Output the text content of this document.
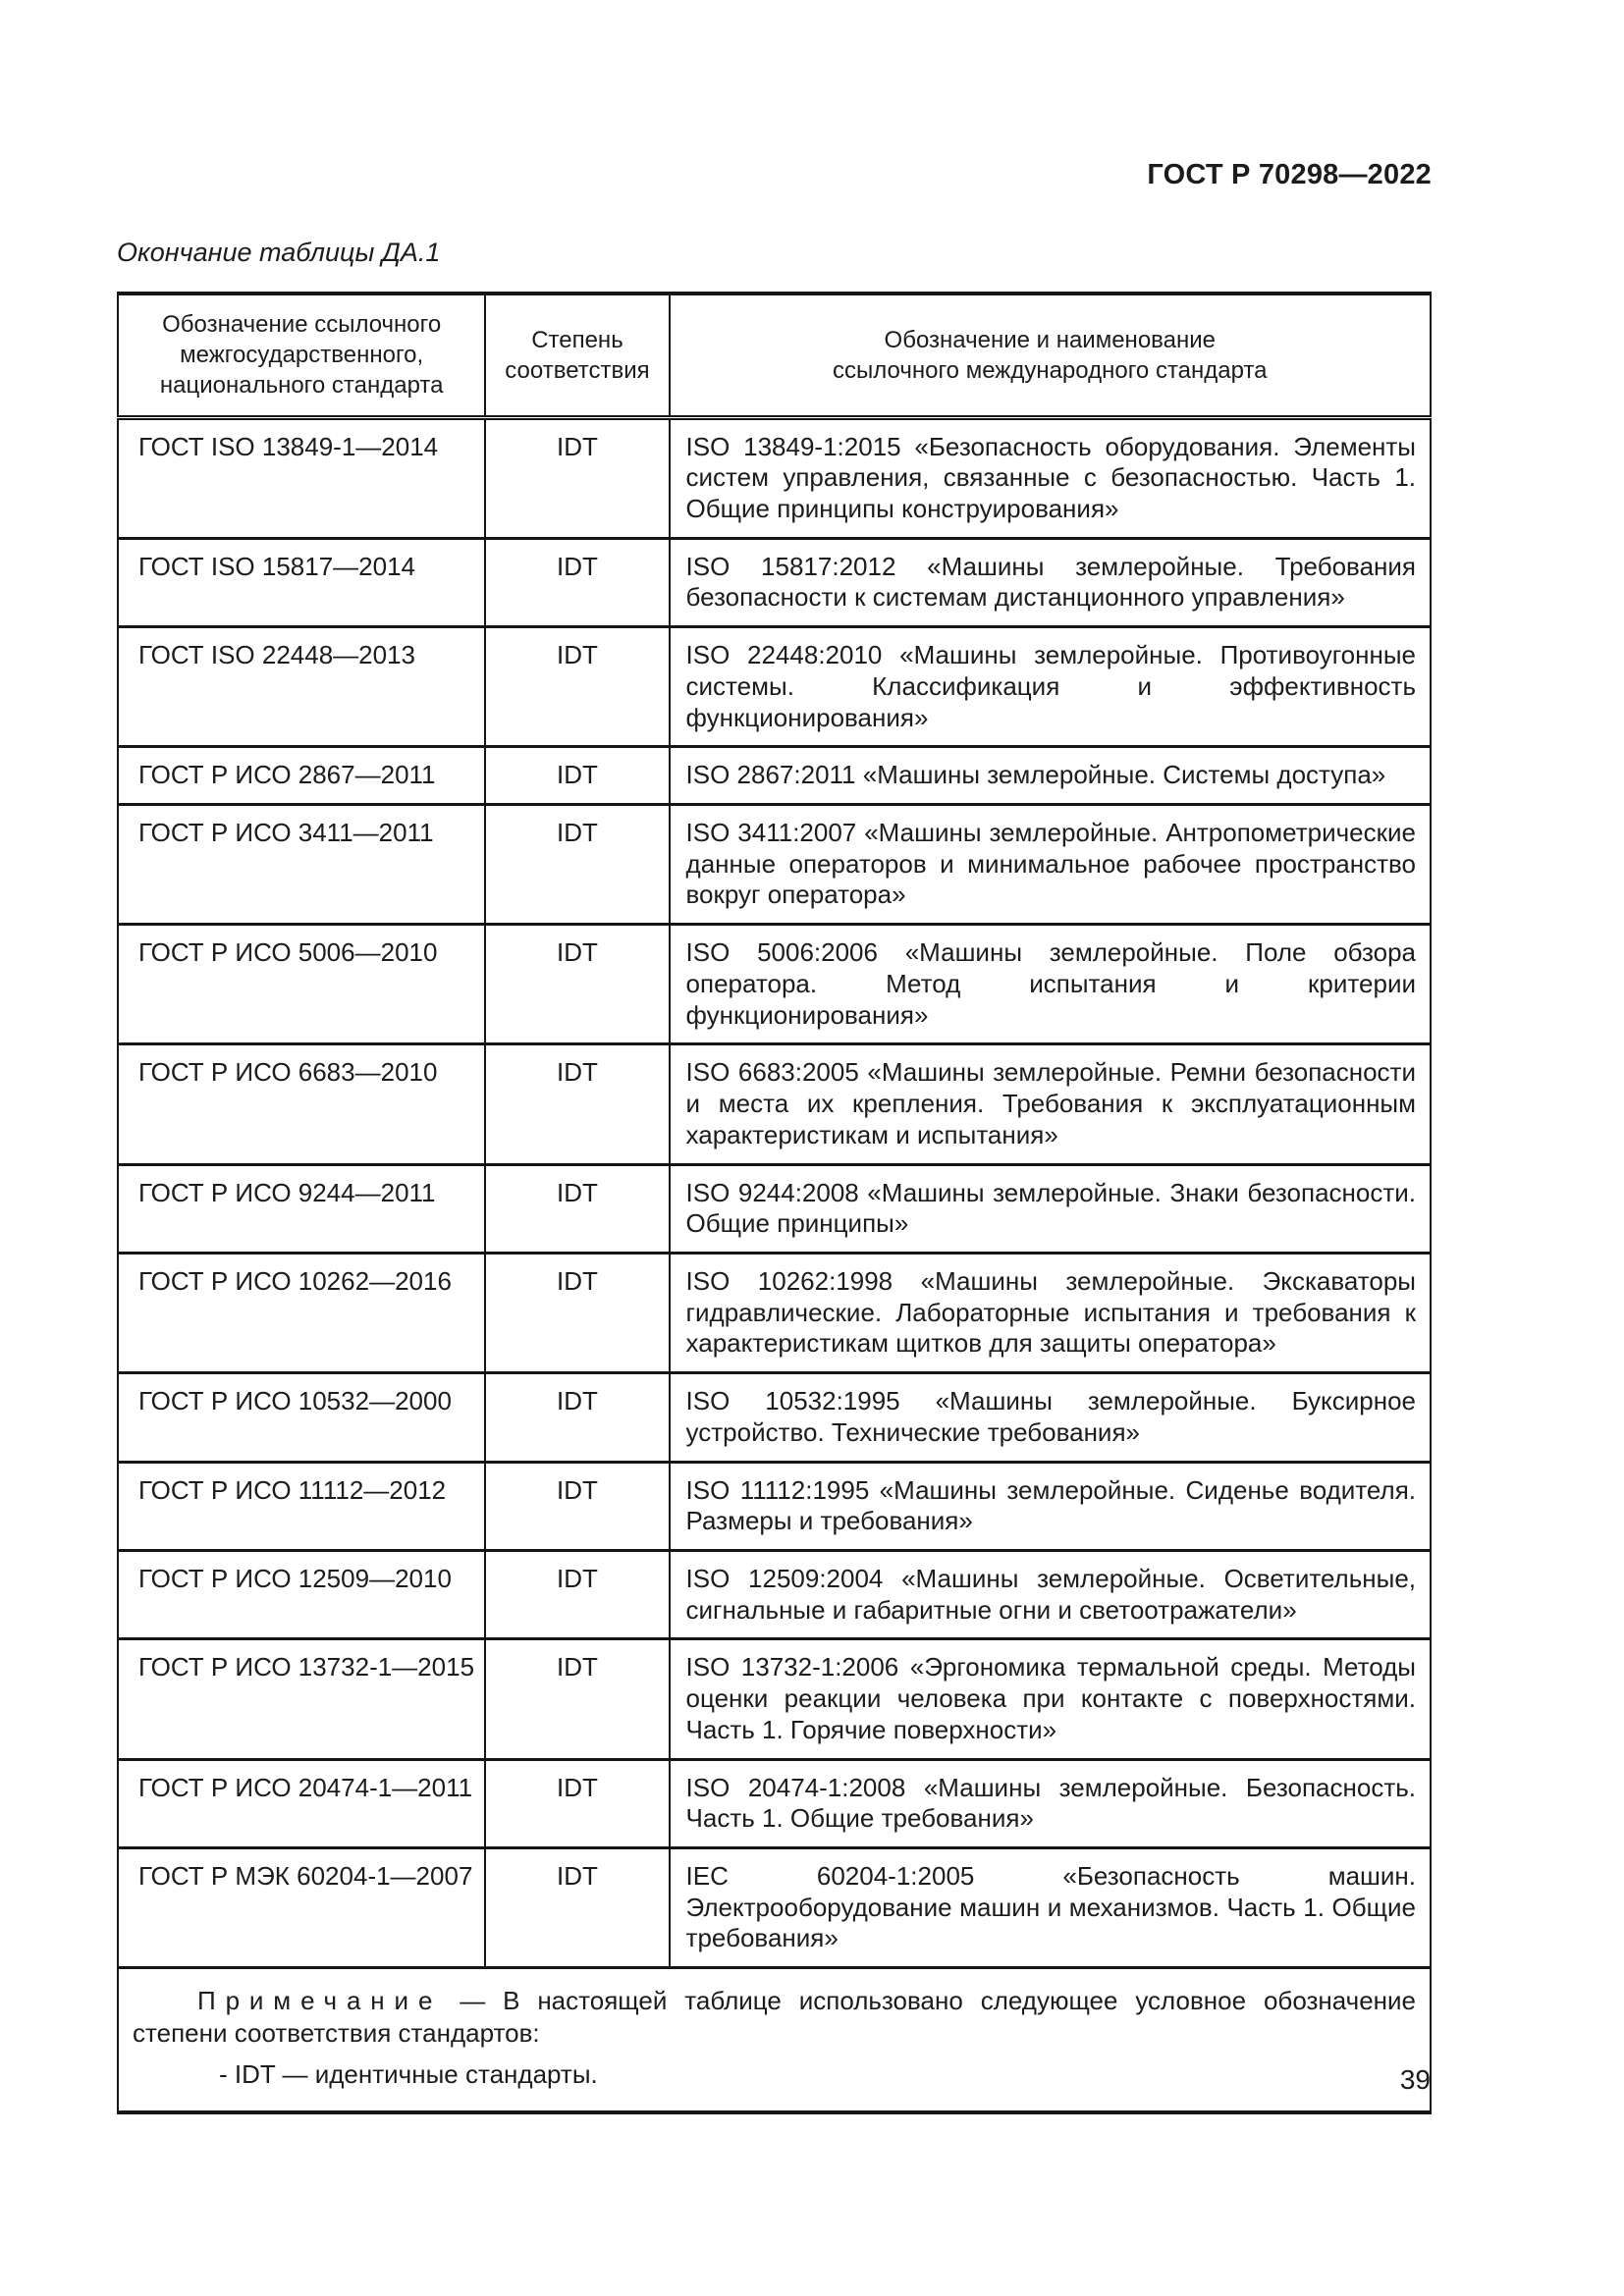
ГОСТ Р 70298—2022
Окончание таблицы ДА.1
Обозначение ссылочного межгосударственного, национального стандарта	Степень соответствия	Обозначение и наименование ссылочного международного стандарта
ГОСТ ISO 13849-1—2014	IDT	ISO 13849-1:2015 «Безопасность оборудования. Элементы систем управления, связанные с безопасностью. Часть 1. Общие принципы конструирования»
ГОСТ ISO 15817—2014	IDT	ISO 15817:2012 «Машины землеройные. Требования безопасности к системам дистанционного управления»
ГОСТ ISO 22448—2013	IDT	ISO 22448:2010 «Машины землеройные. Противоугонные системы. Классификация и эффективность функционирования»
ГОСТ Р ИСО 2867—2011	IDT	ISO 2867:2011 «Машины землеройные. Системы доступа»
ГОСТ Р ИСО 3411—2011	IDT	ISO 3411:2007 «Машины землеройные. Антропометрические данные операторов и минимальное рабочее пространство вокруг оператора»
ГОСТ Р ИСО 5006—2010	IDT	ISO 5006:2006 «Машины землеройные. Поле обзора оператора. Метод испытания и критерии функционирования»
ГОСТ Р ИСО 6683—2010	IDT	ISO 6683:2005 «Машины землеройные. Ремни безопасности и места их крепления. Требования к эксплуатационным характеристикам и испытания»
ГОСТ Р ИСО 9244—2011	IDT	ISO 9244:2008 «Машины землеройные. Знаки безопасности. Общие принципы»
ГОСТ Р ИСО 10262—2016	IDT	ISO 10262:1998 «Машины землеройные. Экскаваторы гидравлические. Лабораторные испытания и требования к характеристикам щитков для защиты оператора»
ГОСТ Р ИСО 10532—2000	IDT	ISO 10532:1995 «Машины землеройные. Буксирное устройство. Технические требования»
ГОСТ Р ИСО 11112—2012	IDT	ISO 11112:1995 «Машины землеройные. Сиденье водителя. Размеры и требования»
ГОСТ Р ИСО 12509—2010	IDT	ISO 12509:2004 «Машины землеройные. Осветительные, сигнальные и габаритные огни и светоотражатели»
ГОСТ Р ИСО 13732-1—2015	IDT	ISO 13732-1:2006 «Эргономика термальной среды. Методы оценки реакции человека при контакте с поверхностями. Часть 1. Горячие поверхности»
ГОСТ Р ИСО 20474-1—2011	IDT	ISO 20474-1:2008 «Машины землеройные. Безопасность. Часть 1. Общие требования»
ГОСТ Р МЭК 60204-1—2007	IDT	IEC 60204-1:2005 «Безопасность машин. Электрооборудование машин и механизмов. Часть 1. Общие требования»

Примечание — В настоящей таблице использовано следующее условное обозначение степени соответствия стандартов:

- IDT — идентичные стандарты.			39
